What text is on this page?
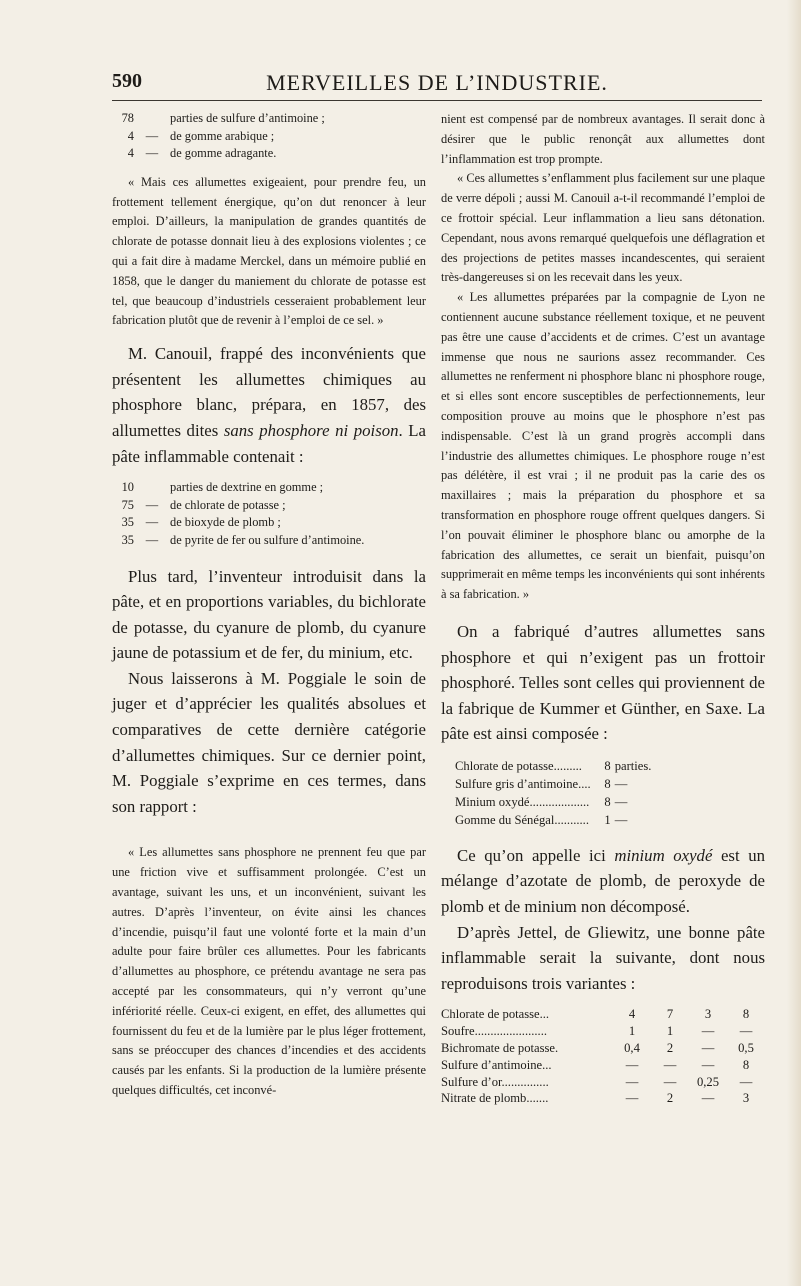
590	MERVEILLES DE L’INDUSTRIE.
78		parties de sulfure d’antimoine ;
4	—	de gomme arabique ;
4	—	de gomme adragante.

« Mais ces allumettes exigeaient, pour prendre feu, un frottement tellement énergique, qu’on dut renoncer à leur emploi. D’ailleurs, la manipulation de grandes quantités de chlorate de potasse donnait lieu à des explosions violentes ; ce qui a fait dire à madame Merckel, dans un mémoire publié en 1858, que le danger du maniement du chlorate de potasse est tel, que beaucoup d’industriels cesseraient probablement leur fabrication plutôt que de revenir à l’emploi de ce sel. »

M. Canouil, frappé des inconvénients que présentent les allumettes chimiques au phosphore blanc, prépara, en 1857, des allumettes dites sans phosphore ni poison. La pâte inflammable contenait :

10		parties de dextrine en gomme ;
75	—	de chlorate de potasse ;
35	—	de bioxyde de plomb ;
35	—	de pyrite de fer ou sulfure d’antimoine.

Plus tard, l’inventeur introduisit dans la pâte, et en proportions variables, du bichlorate de potasse, du cyanure de plomb, du cyanure jaune de potassium et de fer, du minium, etc.

Nous laisserons à M. Poggiale le soin de juger et d’apprécier les qualités absolues et comparatives de cette dernière catégorie d’allumettes chimiques. Sur ce dernier point, M. Poggiale s’exprime en ces termes, dans son rapport :

« Les allumettes sans phosphore ne prennent feu que par une friction vive et suffisamment prolongée. C’est un avantage, suivant les uns, et un inconvénient, suivant les autres. D’après l’inventeur, on évite ainsi les chances d’incendie, puisqu’il faut une volonté forte et la main d’un adulte pour faire brûler ces allumettes. Pour les fabricants d’allumettes au phosphore, ce prétendu avantage ne sera pas accepté par les consommateurs, qui n’y verront qu’une infériorité réelle. Ceux-ci exigent, en effet, des allumettes qui fournissent du feu et de la lumière par le plus léger frottement, sans se préoccuper des chances d’incendies et des accidents causés par les enfants. Si la production de la lumière présente quelques difficultés, cet inconvé-

nient est compensé par de nombreux avantages. Il serait donc à désirer que le public renonçât aux allumettes dont l’inflammation est trop prompte.

« Ces allumettes s’enflamment plus facilement sur une plaque de verre dépoli ; aussi M. Canouil a-t-il recommandé l’emploi de ce frottoir spécial. Leur inflammation a lieu sans détonation. Cependant, nous avons remarqué quelquefois une déflagration et des projections de petites masses incandescentes, qui seraient très-dangereuses si on les recevait dans les yeux.

« Les allumettes préparées par la compagnie de Lyon ne contiennent aucune substance réellement toxique, et ne peuvent pas être une cause d’accidents et de crimes. C’est un avantage immense que nous ne saurions assez recommander. Ces allumettes ne renferment ni phosphore blanc ni phosphore rouge, et si elles sont encore susceptibles de perfectionnements, leur composition prouve au moins que le phosphore n’est pas indispensable. C’est là un grand progrès accompli dans l’industrie des allumettes chimiques. Le phosphore rouge n’est pas délétère, il est vrai ; il ne produit pas la carie des os maxillaires ; mais la préparation du phosphore et sa transformation en phosphore rouge offrent quelques dangers. Si l’on pouvait éliminer le phosphore blanc ou amorphe de la fabrication des allumettes, ce serait un bienfait, puisqu’on supprimerait en même temps les inconvénients qui sont inhérents à sa fabrication. »

On a fabriqué d’autres allumettes sans phosphore et qui n’exigent pas un frottoir phosphoré. Telles sont celles qui proviennent de la fabrique de Kummer et Günther, en Saxe. La pâte est ainsi composée :

Chlorate de potasse.........	8	parties.
Sulfure gris d’antimoine....	8	—
Minium oxydé...................	8	—
Gomme du Sénégal...........	1	—

Ce qu’on appelle ici minium oxydé est un mélange d’azotate de plomb, de peroxyde de plomb et de minium non décomposé.

D’après Jettel, de Gliewitz, une bonne pâte inflammable serait la suivante, dont nous reproduisons trois variantes :

Chlorate de potasse...	4	7	3	8
Soufre.......................	1	1	—	—
Bichromate de potasse.	0,4	2	—	0,5
Sulfure d’antimoine...	—	—	—	8
Sulfure d’or...............	—	—	0,25	—
Nitrate de plomb.......	—	2	—	3
